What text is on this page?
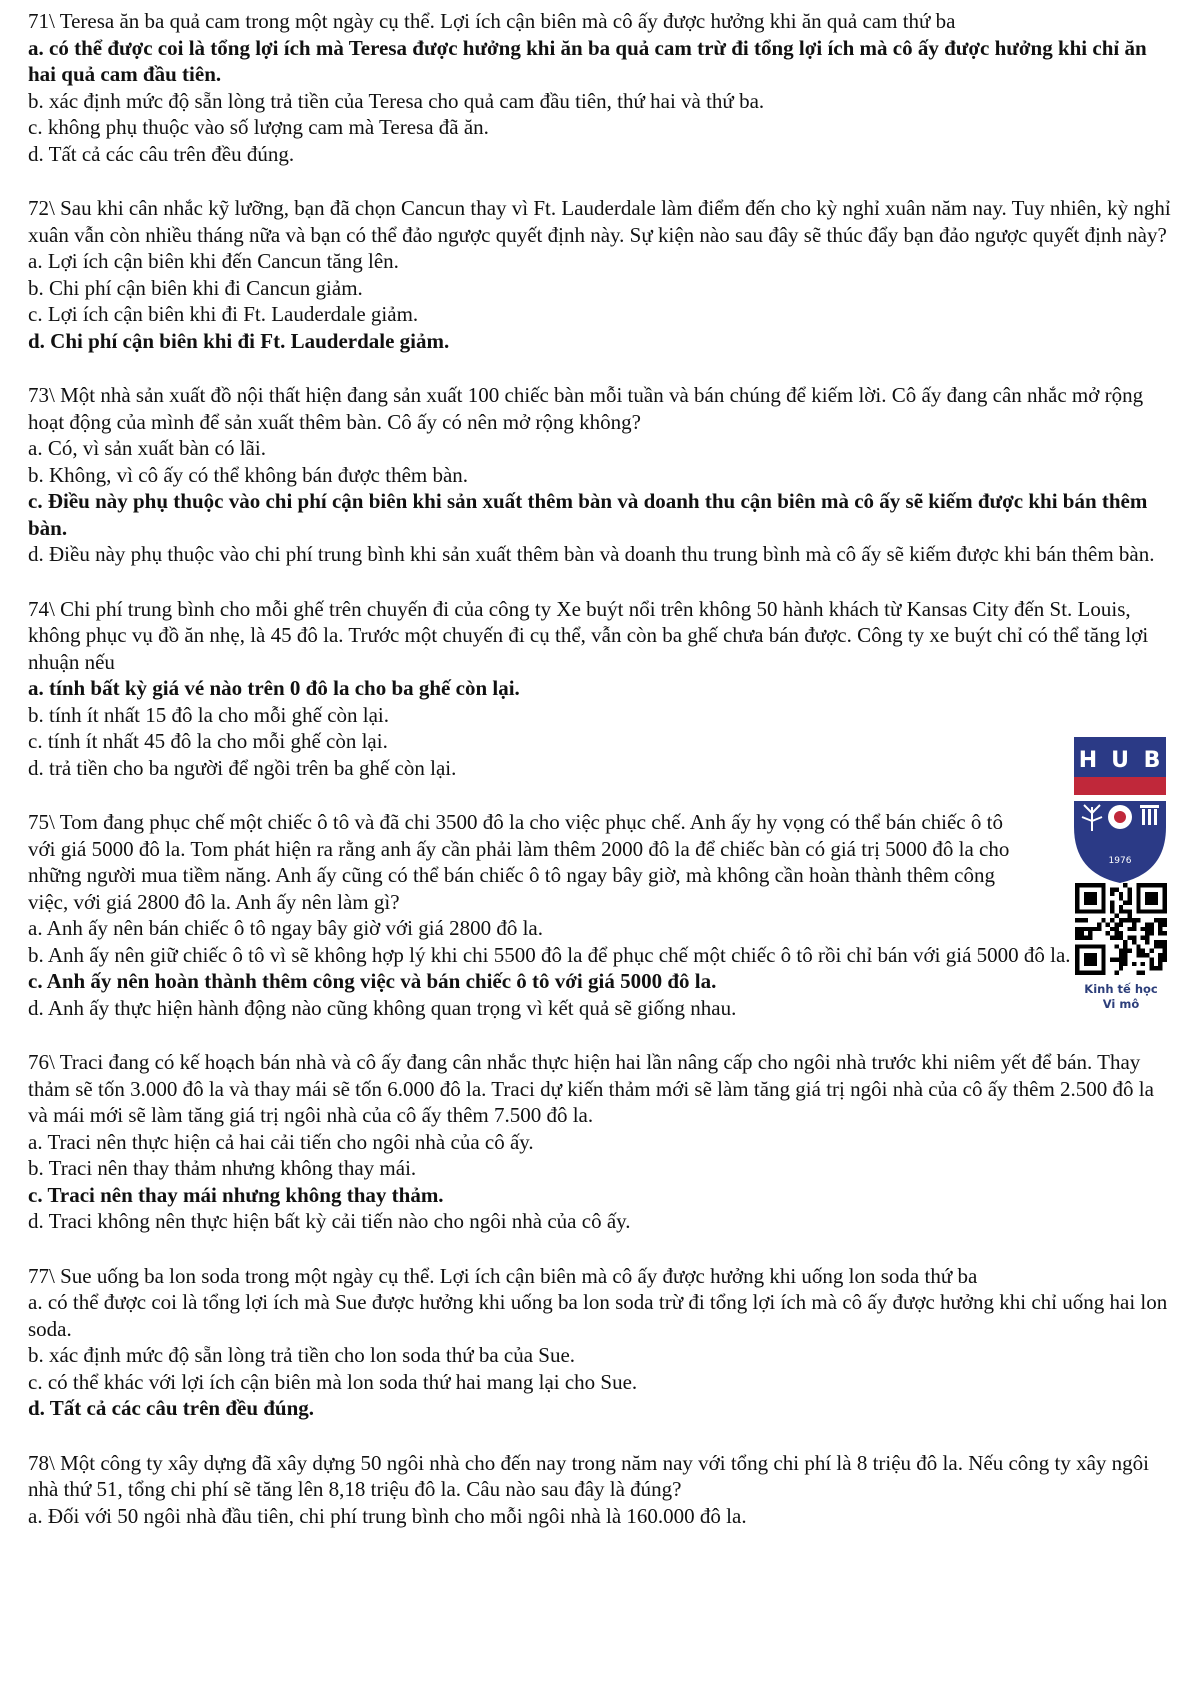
71\ Teresa ăn ba quả cam trong một ngày cụ thể. Lợi ích cận biên mà cô ấy được hưởng khi ăn quả cam thứ ba

a. có thể được coi là tổng lợi ích mà Teresa được hưởng khi ăn ba quả cam trừ đi tổng lợi ích mà cô ấy được hưởng khi chỉ ăn hai quả cam đầu tiên.

b. xác định mức độ sẵn lòng trả tiền của Teresa cho quả cam đầu tiên, thứ hai và thứ ba.

c. không phụ thuộc vào số lượng cam mà Teresa đã ăn.

d. Tất cả các câu trên đều đúng.

72\ Sau khi cân nhắc kỹ lưỡng, bạn đã chọn Cancun thay vì Ft. Lauderdale làm điểm đến cho kỳ nghỉ xuân năm nay. Tuy nhiên, kỳ nghỉ xuân vẫn còn nhiều tháng nữa và bạn có thể đảo ngược quyết định này. Sự kiện nào sau đây sẽ thúc đẩy bạn đảo ngược quyết định này?

a. Lợi ích cận biên khi đến Cancun tăng lên.

b. Chi phí cận biên khi đi Cancun giảm.

c. Lợi ích cận biên khi đi Ft. Lauderdale giảm.

d. Chi phí cận biên khi đi Ft. Lauderdale giảm.

73\ Một nhà sản xuất đồ nội thất hiện đang sản xuất 100 chiếc bàn mỗi tuần và bán chúng để kiếm lời. Cô ấy đang cân nhắc mở rộng hoạt động của mình để sản xuất thêm bàn. Cô ấy có nên mở rộng không?

a. Có, vì sản xuất bàn có lãi.

b. Không, vì cô ấy có thể không bán được thêm bàn.

c. Điều này phụ thuộc vào chi phí cận biên khi sản xuất thêm bàn và doanh thu cận biên mà cô ấy sẽ kiếm được khi bán thêm bàn.

d. Điều này phụ thuộc vào chi phí trung bình khi sản xuất thêm bàn và doanh thu trung bình mà cô ấy sẽ kiếm được khi bán thêm bàn.

74\ Chi phí trung bình cho mỗi ghế trên chuyến đi của công ty Xe buýt nổi trên không 50 hành khách từ Kansas City đến St. Louis, không phục vụ đồ ăn nhẹ, là 45 đô la. Trước một chuyến đi cụ thể, vẫn còn ba ghế chưa bán được. Công ty xe buýt chỉ có thể tăng lợi nhuận nếu

a. tính bất kỳ giá vé nào trên 0 đô la cho ba ghế còn lại.

b. tính ít nhất 15 đô la cho mỗi ghế còn lại.

c. tính ít nhất 45 đô la cho mỗi ghế còn lại.

d. trả tiền cho ba người để ngồi trên ba ghế còn lại.

75\ Tom đang phục chế một chiếc ô tô và đã chi 3500 đô la cho việc phục chế. Anh ấy hy vọng có thể bán chiếc ô tô với giá 5000 đô la. Tom phát hiện ra rằng anh ấy cần phải làm thêm 2000 đô la để chiếc bàn có giá trị 5000 đô la cho những người mua tiềm năng. Anh ấy cũng có thể bán chiếc ô tô ngay bây giờ, mà không cần hoàn thành thêm công việc, với giá 2800 đô la. Anh ấy nên làm gì?

a. Anh ấy nên bán chiếc ô tô ngay bây giờ với giá 2800 đô la.

b. Anh ấy nên giữ chiếc ô tô vì sẽ không hợp lý khi chi 5500 đô la để phục chế một chiếc ô tô rồi chỉ bán với giá 5000 đô la.

c. Anh ấy nên hoàn thành thêm công việc và bán chiếc ô tô với giá 5000 đô la.

d. Anh ấy thực hiện hành động nào cũng không quan trọng vì kết quả sẽ giống nhau.

76\ Traci đang có kế hoạch bán nhà và cô ấy đang cân nhắc thực hiện hai lần nâng cấp cho ngôi nhà trước khi niêm yết để bán. Thay thảm sẽ tốn 3.000 đô la và thay mái sẽ tốn 6.000 đô la. Traci dự kiến thảm mới sẽ làm tăng giá trị ngôi nhà của cô ấy thêm 2.500 đô la và mái mới sẽ làm tăng giá trị ngôi nhà của cô ấy thêm 7.500 đô la.

a. Traci nên thực hiện cả hai cải tiến cho ngôi nhà của cô ấy.

b. Traci nên thay thảm nhưng không thay mái.

c. Traci nên thay mái nhưng không thay thảm.

d. Traci không nên thực hiện bất kỳ cải tiến nào cho ngôi nhà của cô ấy.

77\ Sue uống ba lon soda trong một ngày cụ thể. Lợi ích cận biên mà cô ấy được hưởng khi uống lon soda thứ ba

a. có thể được coi là tổng lợi ích mà Sue được hưởng khi uống ba lon soda trừ đi tổng lợi ích mà cô ấy được hưởng khi chỉ uống hai lon soda.

b. xác định mức độ sẵn lòng trả tiền cho lon soda thứ ba của Sue.

c. có thể khác với lợi ích cận biên mà lon soda thứ hai mang lại cho Sue.

d. Tất cả các câu trên đều đúng.

78\ Một công ty xây dựng đã xây dựng 50 ngôi nhà cho đến nay trong năm nay với tổng chi phí là 8 triệu đô la. Nếu công ty xây ngôi nhà thứ 51, tổng chi phí sẽ tăng lên 8,18 triệu đô la. Câu nào sau đây là đúng?

a. Đối với 50 ngôi nhà đầu tiên, chi phí trung bình cho mỗi ngôi nhà là 160.000 đô la.

H U B
1976
Kinh tế học
Vi mô
